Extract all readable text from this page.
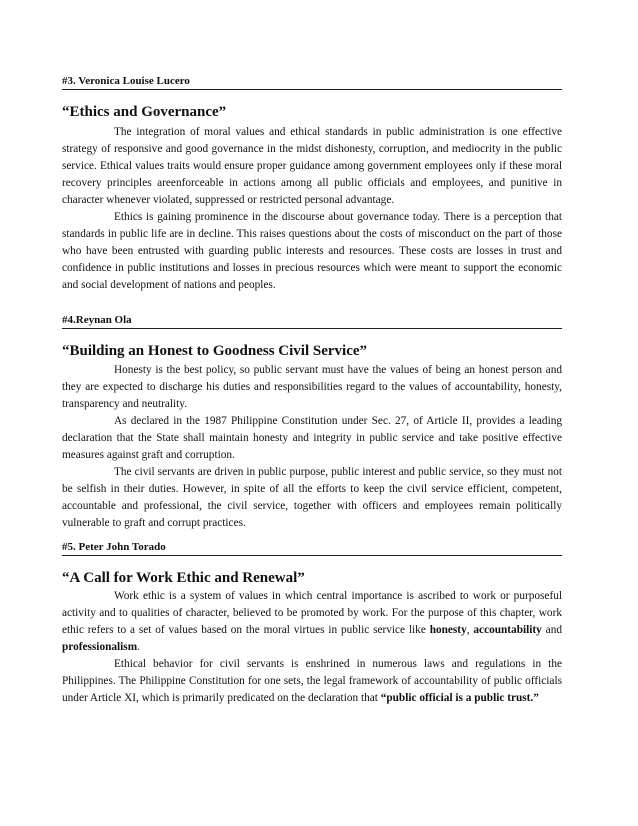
#3. Veronica Louise Lucero
“Ethics and Governance”

The integration of moral values and ethical standards in public administration is one effective strategy of responsive and good governance in the midst dishonesty, corruption, and mediocrity in the public service. Ethical values traits would ensure proper guidance among government employees only if these moral recovery principles areenforceable in actions among all public officials and employees, and punitive in character whenever violated, suppressed or restricted personal advantage.

Ethics is gaining prominence in the discourse about governance today. There is a perception that standards in public life are in decline. This raises questions about the costs of misconduct on the part of those who have been entrusted with guarding public interests and resources. These costs are losses in trust and confidence in public institutions and losses in precious resources which were meant to support the economic and social development of nations and peoples.

#4.Reynan Ola
“Building an Honest to Goodness Civil Service”

Honesty is the best policy, so public servant must have the values of being an honest person and they are expected to discharge his duties and responsibilities regard to the values of accountability, honesty, transparency and neutrality.

As declared in the 1987 Philippine Constitution under Sec. 27, of Article II, provides a leading declaration that the State shall maintain honesty and integrity in public service and take positive effective measures against graft and corruption.

The civil servants are driven in public purpose, public interest and public service, so they must not be selfish in their duties. However, in spite of all the efforts to keep the civil service efficient, competent, accountable and professional, the civil service, together with officers and employees remain politically vulnerable to graft and corrupt practices.

#5. Peter John Torado
“A Call for Work Ethic and Renewal”

Work ethic is a system of values in which central importance is ascribed to work or purposeful activity and to qualities of character, believed to be promoted by work. For the purpose of this chapter, work ethic refers to a set of values based on the moral virtues in public service like honesty, accountability and professionalism.

Ethical behavior for civil servants is enshrined in numerous laws and regulations in the Philippines. The Philippine Constitution for one sets, the legal framework of accountability of public officials under Article XI, which is primarily predicated on the declaration that “public official is a public trust.”
